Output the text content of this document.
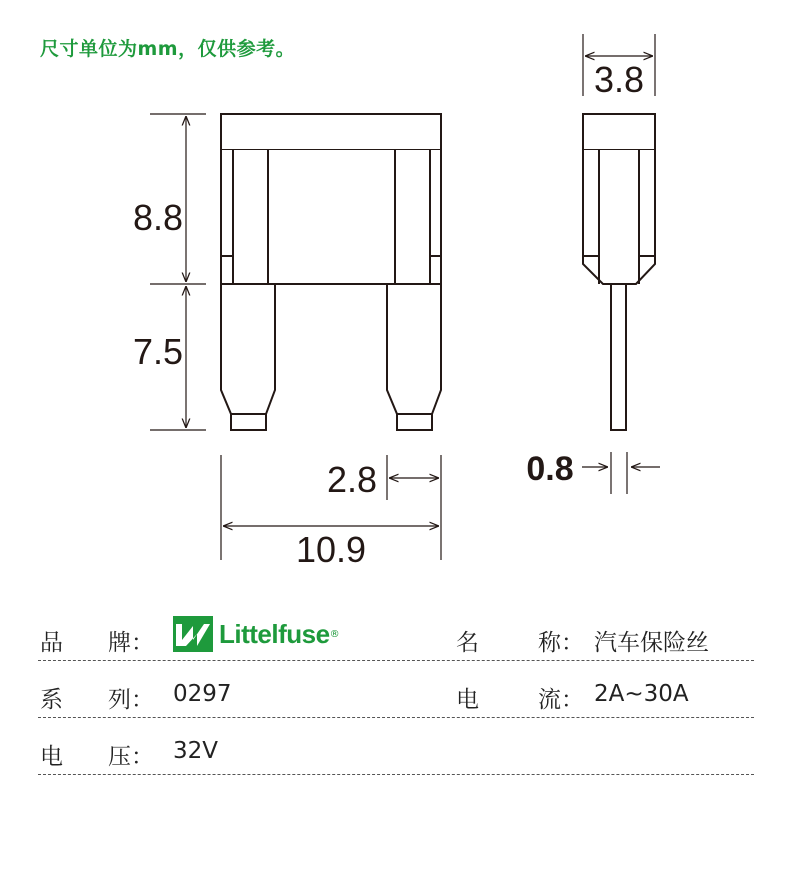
尺寸单位为mm，仅供参考。
3.8
8.8
7.5
2.8
10.9
0.8
品 牌：	Littelfuse ®	名	称： 汽车保险丝
系 列： 0297	电	流： 2A~30A
电 压： 32V
